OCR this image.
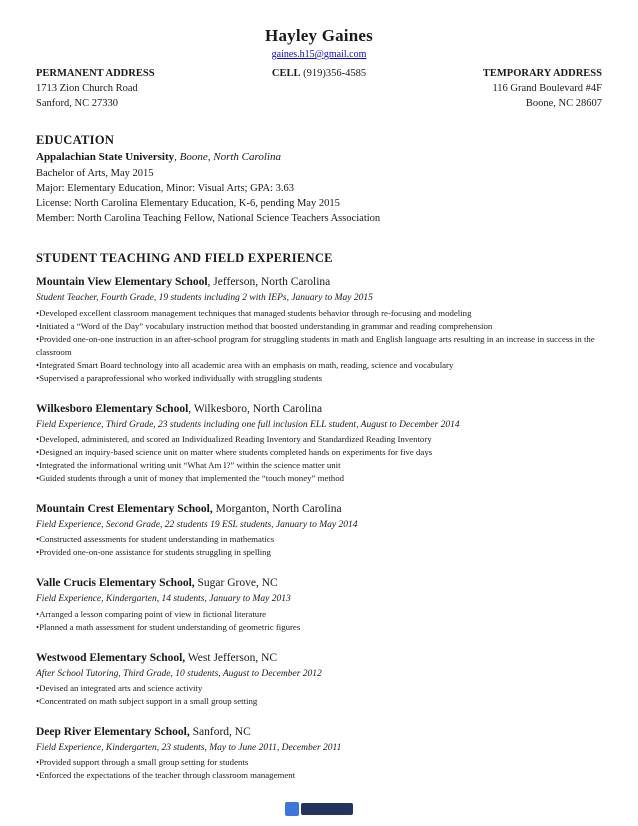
Hayley Gaines
gaines.h15@gmail.com
PERMANENT ADDRESS
1713 Zion Church Road
Sanford, NC 27330
CELL (919)356-4585	TEMPORARY ADDRESS
116 Grand Boulevard #4F
Boone, NC 28607
EDUCATION
Appalachian State University, Boone, North Carolina
Bachelor of Arts, May 2015
Major: Elementary Education, Minor: Visual Arts; GPA: 3.63
License: North Carolina Elementary Education, K-6, pending May 2015
Member: North Carolina Teaching Fellow, National Science Teachers Association
STUDENT TEACHING AND FIELD EXPERIENCE
Mountain View Elementary School, Jefferson, North Carolina
Student Teacher, Fourth Grade, 19 students including 2 with IEPs, January to May 2015
• Developed excellent classroom management techniques that managed students behavior through re-focusing and modeling
• Initiated a “Word of the Day” vocabulary instruction method that boosted understanding in grammar and reading comprehension
• Provided one-on-one instruction in an after-school program for struggling students in math and English language arts resulting in an increase in success in the classroom
• Integrated Smart Board technology into all academic area with an emphasis on math, reading, science and vocabulary
• Supervised a paraprofessional who worked individually with struggling students
Wilkesboro Elementary School, Wilkesboro, North Carolina
Field Experience, Third Grade, 23 students including one full inclusion ELL student, August to December 2014
• Developed, administered, and scored an Individualized Reading Inventory and Standardized Reading Inventory
• Designed an inquiry-based science unit on matter where students completed hands on experiments for five days
• Integrated the informational writing unit “What Am I?” within the science matter unit
• Guided students through a unit of money that implemented the “touch money” method
Mountain Crest Elementary School, Morganton, North Carolina
Field Experience, Second Grade, 22 students 19 ESL students, January to May 2014
• Constructed assessments for student understanding in mathematics
• Provided one-on-one assistance for students struggling in spelling
Valle Crucis Elementary School, Sugar Grove, NC
Field Experience, Kindergarten, 14 students, January to May 2013
• Arranged a lesson comparing point of view in fictional literature
• Planned a math assessment for student understanding of geometric figures
Westwood Elementary School, West Jefferson, NC
After School Tutoring, Third Grade, 10 students, August to December 2012
• Devised an integrated arts and science activity
• Concentrated on math subject support in a small group setting
Deep River Elementary School, Sanford, NC
Field Experience, Kindergarten, 23 students, May to June 2011, December 2011
• Provided support through a small group setting for students
• Enforced the expectations of the teacher through classroom management
